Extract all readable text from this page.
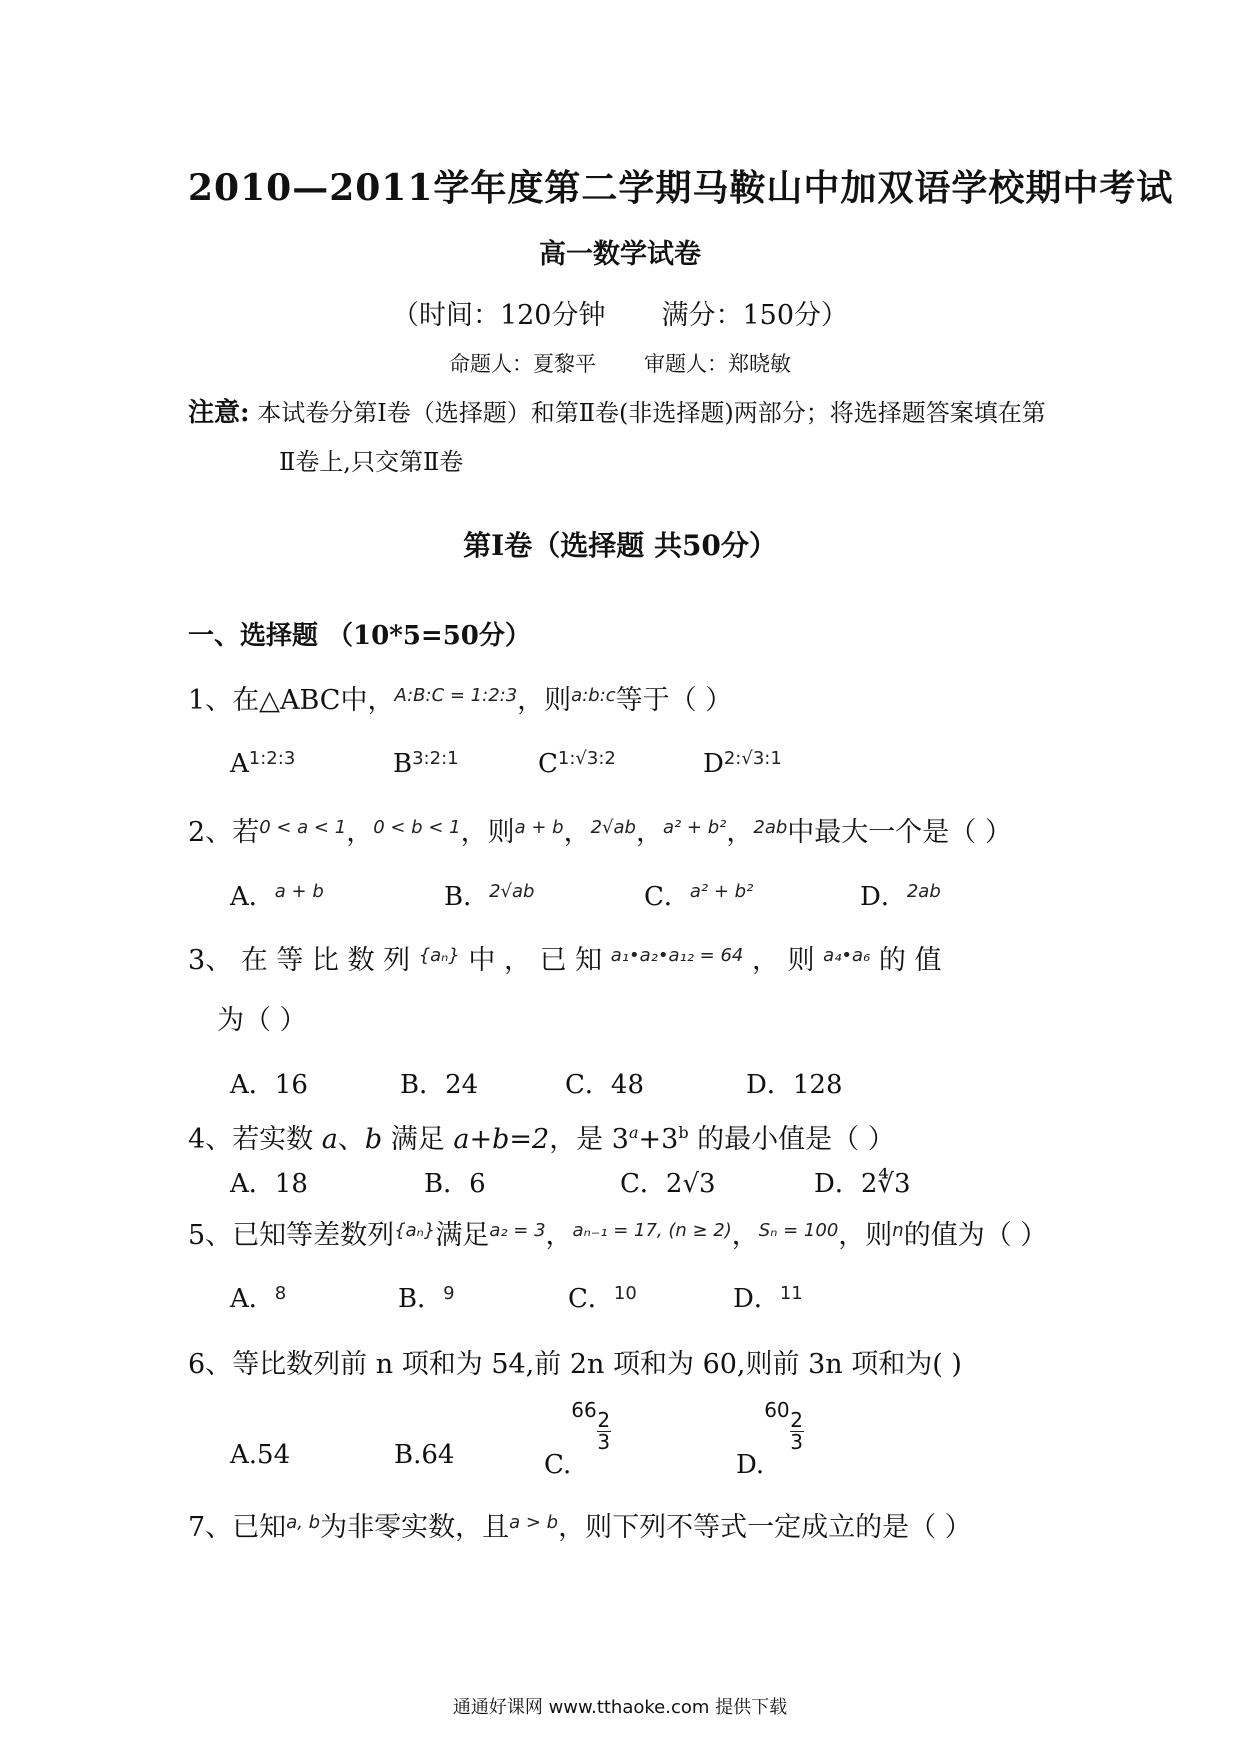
2010—2011学年度第二学期马鞍山中加双语学校期中考试
高一数学试卷
（时间：120分钟 满分：150分）
命题人：夏黎平 审题人：郑晓敏
注意: 本试卷分第Ⅰ卷（选择题）和第Ⅱ卷(非选择题)两部分；将选择题答案填在第
Ⅱ卷上,只交第Ⅱ卷
第Ⅰ卷（选择题 共50分）
一、选择题 （10*5=50分）
1、在△ABC中，$^{A:B:C = 1:2:3}$，则$^{a:b:c}$等于（ ）
$A^{1:2:3}$	$B^{3:2:1}$	$C^{1:√3:2}$	$D^{2:√3:1}$
2、若$^{0 < a < 1}$，$^{0 < b < 1}$，则$^{a + b}$，$^{2√ab}$，$^{a^2 + b^2}$，$^{2ab}$中最大一个是（ ）
A．$^{a + b}$	B．$^{2√ab}$	C．$^{a^2 + b^2}$	D．$^{2ab}$
3、 在 等 比 数 列 $^{\{a_n\}}$ 中 ， 已 知 $^{a_1•a_2•a_{12} = 64}$ ， 则 $^{a_4•a_6}$ 的 值
为（ ）
A．16	B．24	C．48	D．128
4、若实数 a、b 满足 a+b=2，是 $3^a+3^b$ 的最小值是（ ）
A．18	B．6	C．2√3	D．2∜3
5、已知等差数列$^{\{a_n\}}$满足$^{a_2 = 3}$，$^{a_{n-1} = 17, (n \ge 2)}$，$^{S_n = 100}$，则$^n$的值为（ ）
A．$^8$	B．$^9$	C．$^{10}$	D．$^{11}$
6、等比数列前 n 项和为 54,前 2n 项和为 60,则前 3n 项和为( )
A.54	B.64	$C.^{66} \frac{2}{3}$
$D.^{60} \frac{2}{3}$
7、已知$^{a, b}$为非零实数，且$^{a > b}$，则下列不等式一定成立的是（ ）
通通好课网 www.tthaoke.com 提供下载
